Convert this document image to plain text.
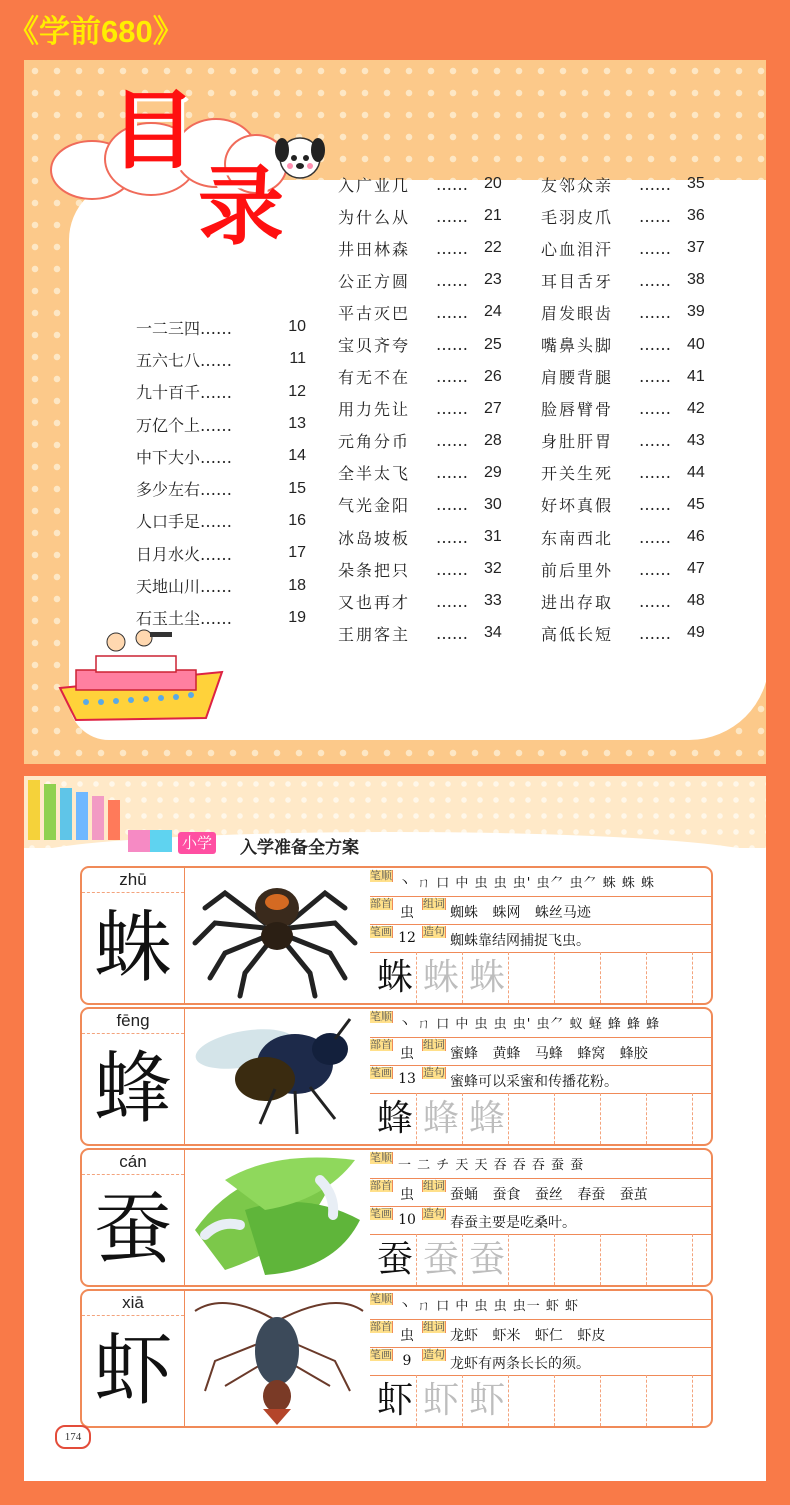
《学前680》
目
录
一二三四……	10
五六七八……	11
九十百千……	12
万亿个上……	13
中下大小……	14
多少左右……	15
人口手足……	16
日月水火……	17
天地山川……	18
石玉土尘……	19
入广业几	……	20
为什么从	……	21
井田林森	……	22
公正方圆	……	23
平古灭巴	……	24
宝贝齐夸	……	25
有无不在	……	26
用力先让	……	27
元角分币	……	28
全半太飞	……	29
气光金阳	……	30
冰岛坡板	……	31
朵条把只	……	32
又也再才	……	33
王朋客主	……	34
友邻众亲	……	35
毛羽皮爪	……	36
心血泪汗	……	37
耳目舌牙	……	38
眉发眼齿	……	39
嘴鼻头脚	……	40
肩腰背腿	……	41
脸唇臂骨	……	42
身肚肝胃	……	43
开关生死	……	44
好坏真假	……	45
东南西北	……	46
前后里外	……	47
进出存取	……	48
高低长短	……	49
小学 入学准备全方案
zhū
蛛
笔顺
丶 ㄇ 口 中 虫 虫 虫' 虫⺈ 虫⺈ 蛛 蛛 蛛
部首
虫
组词
蜘蛛 蛛网 蛛丝马迹
笔画 12 造句
蜘蛛靠结网捕捉飞虫。
蛛 蛛 蛛
fēng
蜂
笔顺
丶 ㄇ 口 中 虫 虫 虫' 虫⺈ 蚁 蛏 蜂 蜂 蜂
部首
虫
组词
蜜蜂 黄蜂 马蜂 蜂窝 蜂胶
笔画 13 造句
蜜蜂可以采蜜和传播花粉。
蜂 蜂 蜂
cán
蚕
笔顺
一 二 チ 天 天 吞 吞 吞 蚕 蚕
部首
虫
组词
蚕蛹 蚕食 蚕丝 春蚕 蚕茧
笔画 10 造句
春蚕主要是吃桑叶。
蚕 蚕 蚕
xiā
虾
笔顺
丶 ㄇ 口 中 虫 虫 虫一 虾 虾
部首
虫
组词
龙虾 虾米 虾仁 虾皮
笔画 9	造句
龙虾有两条长长的须。
虾 虾 虾
174
